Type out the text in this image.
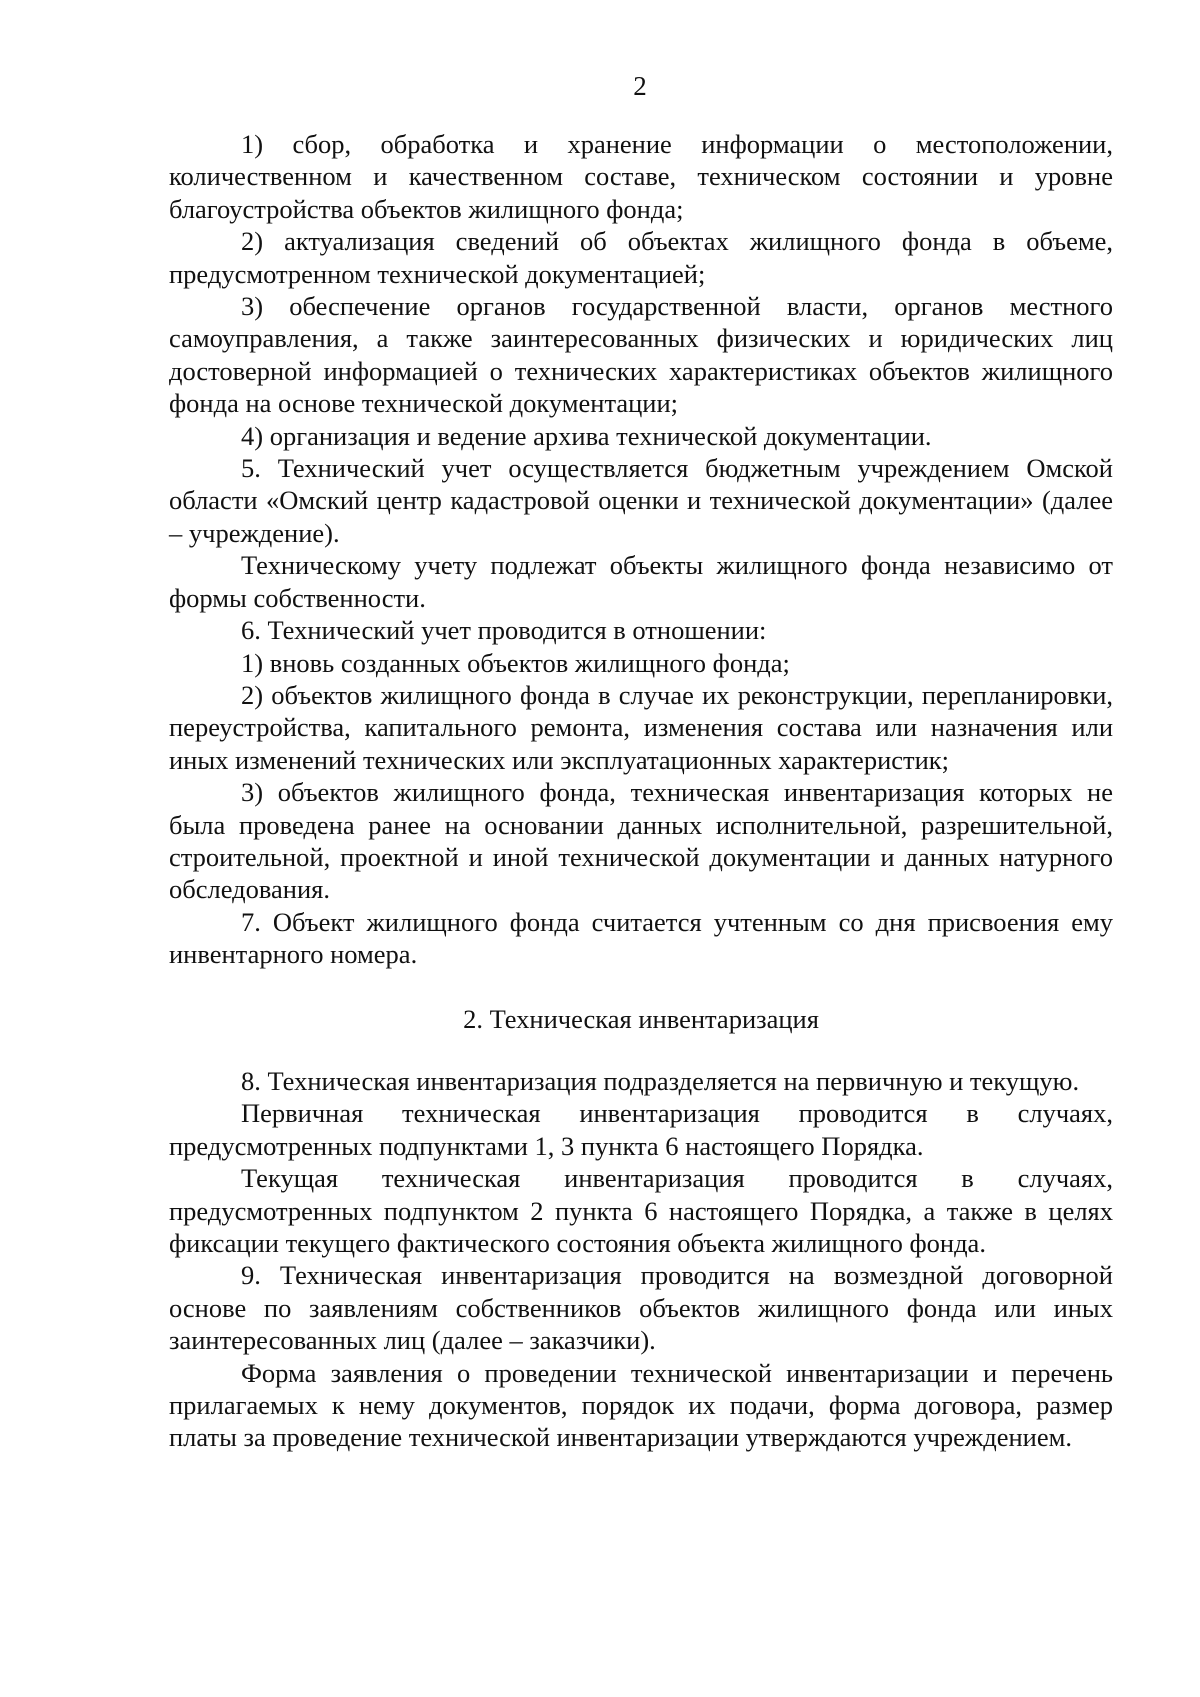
2

1) сбор, обработка и хранение информации о местоположении, количественном и качественном составе, техническом состоянии и уровне благоустройства объектов жилищного фонда;

2) актуализация сведений об объектах жилищного фонда в объеме, предусмотренном технической документацией;

3) обеспечение органов государственной власти, органов местного самоуправления, а также заинтересованных физических и юридических лиц достоверной информацией о технических характеристиках объектов жилищного фонда на основе технической документации;

4) организация и ведение архива технической документации.

5. Технический учет осуществляется бюджетным учреждением Омской области «Омский центр кадастровой оценки и технической документации» (далее – учреждение).

Техническому учету подлежат объекты жилищного фонда независимо от формы собственности.

6. Технический учет проводится в отношении:

1) вновь созданных объектов жилищного фонда;

2) объектов жилищного фонда в случае их реконструкции, перепланировки, переустройства, капитального ремонта, изменения состава или назначения или иных изменений технических или эксплуатационных характеристик;

3) объектов жилищного фонда, техническая инвентаризация которых не была проведена ранее на основании данных исполнительной, разрешительной, строительной, проектной и иной технической документации и данных натурного обследования.

7. Объект жилищного фонда считается учтенным со дня присвоения ему инвентарного номера.

2. Техническая инвентаризация

8. Техническая инвентаризация подразделяется на первичную и текущую.

Первичная техническая инвентаризация проводится в случаях, предусмотренных подпунктами 1, 3 пункта 6 настоящего Порядка.

Текущая техническая инвентаризация проводится в случаях, предусмотренных подпунктом 2 пункта 6 настоящего Порядка, а также в целях фиксации текущего фактического состояния объекта жилищного фонда.

9. Техническая инвентаризация проводится на возмездной договорной основе по заявлениям собственников объектов жилищного фонда или иных заинтересованных лиц (далее – заказчики).

Форма заявления о проведении технической инвентаризации и перечень прилагаемых к нему документов, порядок их подачи, форма договора, размер платы за проведение технической инвентаризации утверждаются учреждением.
